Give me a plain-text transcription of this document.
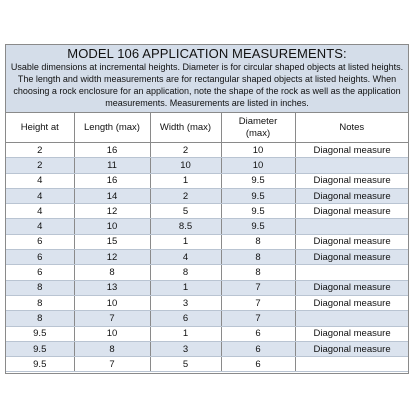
MODEL 106 APPLICATION MEASUREMENTS:
Usable dimensions at incremental heights. Diameter is for circular shaped objects at listed heights. The length and width measurements are for rectangular shaped objects at listed heights. When choosing a rock enclosure for an application, note the shape of the rock as well as the application measurements. Measurements are listed in inches.
Height at	Length (max)	Width (max)	Diameter (max)	Notes
2	16	2	10	Diagonal measure
2	11	10	10	
4	16	1	9.5	Diagonal measure
4	14	2	9.5	Diagonal measure
4	12	5	9.5	Diagonal measure
4	10	8.5	9.5	
6	15	1	8	Diagonal measure
6	12	4	8	Diagonal measure
6	8	8	8	
8	13	1	7	Diagonal measure
8	10	3	7	Diagonal measure
8	7	6	7	
9.5	10	1	6	Diagonal measure
9.5	8	3	6	Diagonal measure
9.5	7	5	6	
